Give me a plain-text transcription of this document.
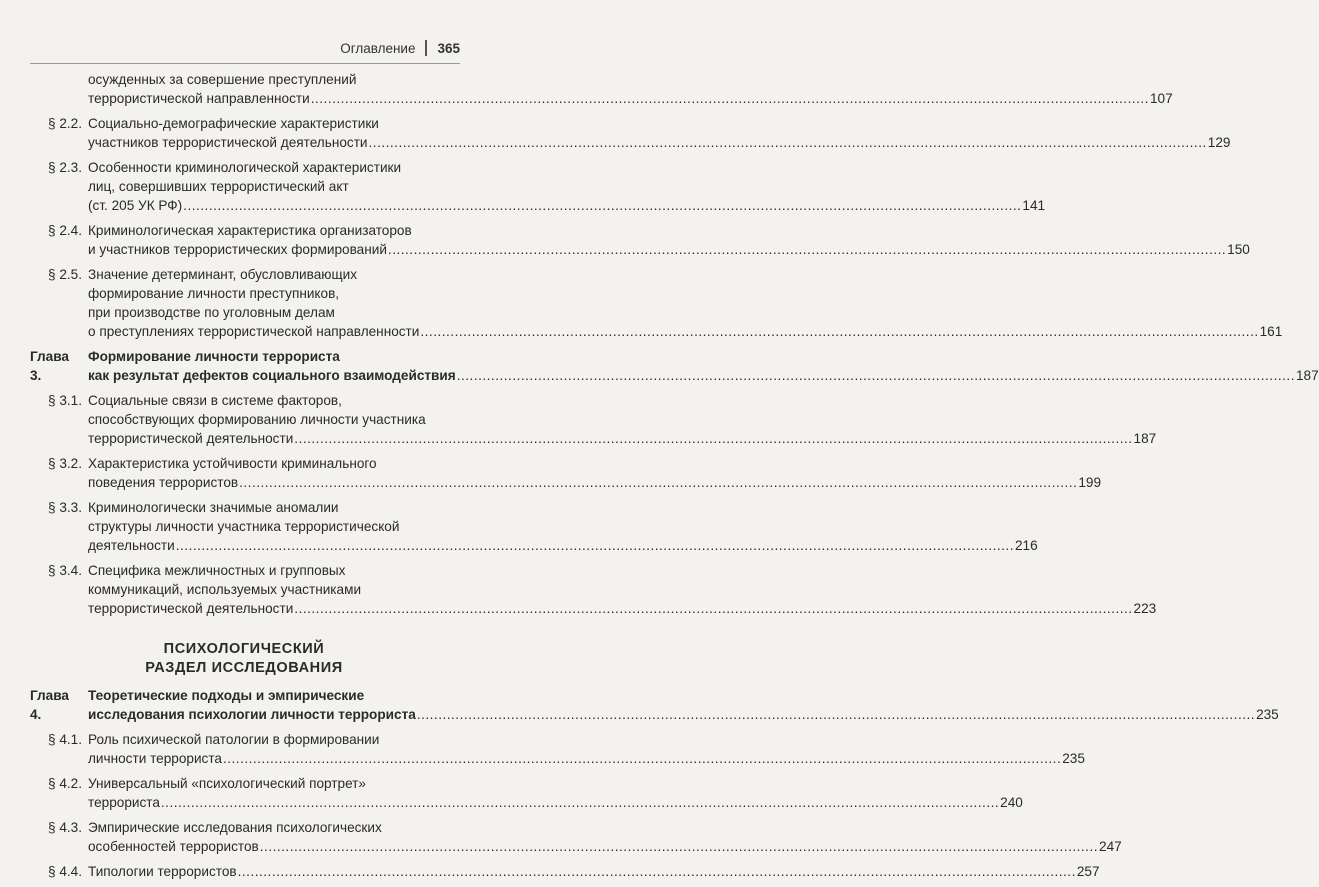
Оглавление 365
осужденных за совершение преступлений
террористической направленности .....	107
§ 2.2. Социально-демографические характеристики
участников террористической деятельности .....	129
§ 2.3. Особенности криминологической характеристики
лиц, совершивших террористический акт
(ст. 205 УК РФ) .....	141
§ 2.4. Криминологическая характеристика организаторов
и участников террористических формирований .....	150
§ 2.5. Значение детерминант, обусловливающих
формирование личности преступников,
при производстве по уголовным делам
о преступлениях террористической направленности .....	161
Глава 3.
Формирование личности террориста
как результат дефектов социального взаимодействия .....	187
§ 3.1. Социальные связи в системе факторов,
способствующих формированию личности участника
террористической деятельности .....	187
§ 3.2. Характеристика устойчивости криминального
поведения террористов .....	199
§ 3.3. Криминологически значимые аномалии
структуры личности участника террористической
деятельности .....	216
§ 3.4. Специфика межличностных и групповых
коммуникаций, используемых участниками
террористической деятельности .....	223
ПСИХОЛОГИЧЕСКИЙ
РАЗДЕЛ ИССЛЕДОВАНИЯ
Глава 4.
Теоретические подходы и эмпирические
исследования психологии личности террориста .....	235
§ 4.1. Роль психической патологии в формировании
личности террориста .....	235
§ 4.2. Универсальный «психологический портрет»
террориста .....	240
§ 4.3. Эмпирические исследования психологических
особенностей террористов .....	247
§ 4.4. Типологии террористов .....	257
